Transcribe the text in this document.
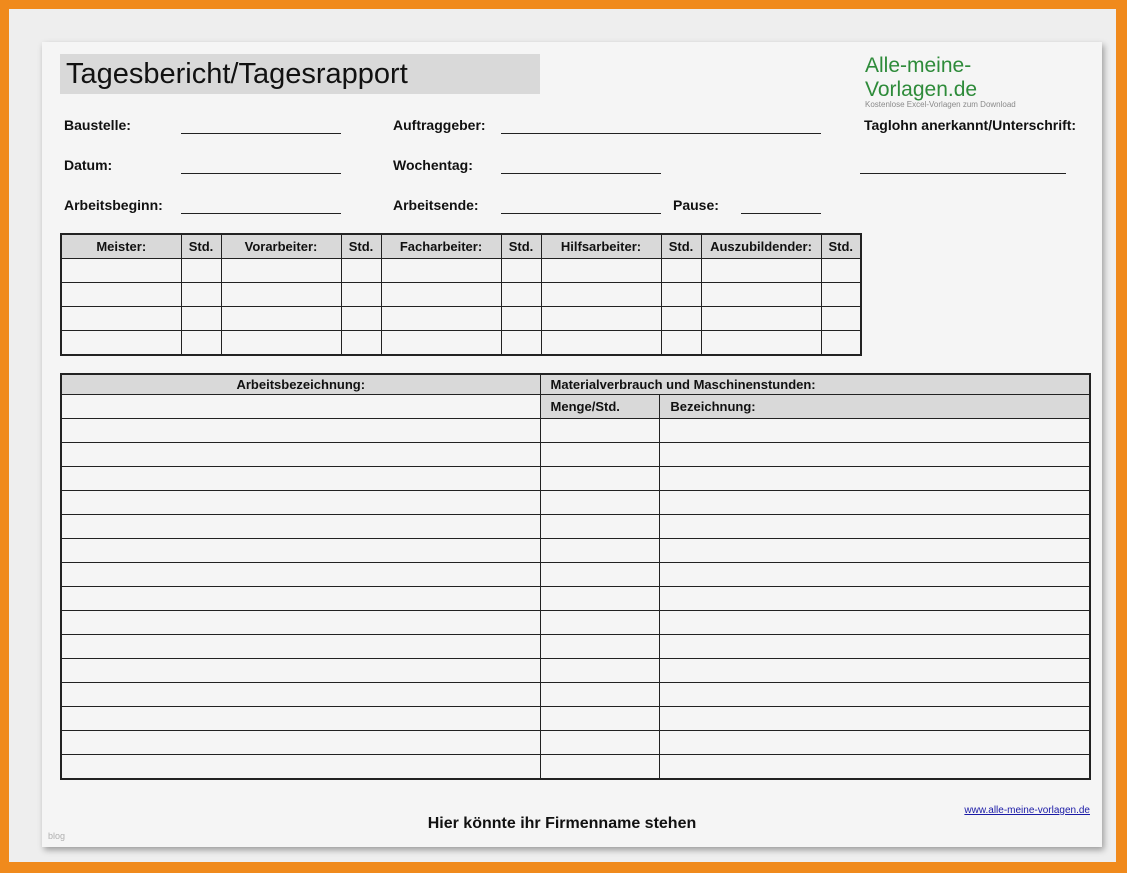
Tagesbericht/Tagesrapport	Alle-meine-Vorlagen.de
Kostenlose Excel-Vorlagen zum Download
Baustelle:	Auftraggeber:	Taglohn anerkannt/Unterschrift:
Datum:	Wochentag:
Arbeitsbeginn:	Arbeitsende:	Pause:
Meister:	Std.	Vorarbeiter:	Std.	Facharbeiter:	Std.	Hilfsarbeiter:	Std.	Auszubildender:	Std.

Arbeitsbezeichnung:	Materialverbrauch und Maschinenstunden:	
	Menge/Std.	Bezeichnung:

www.alle-meine-vorlagen.de
Hier könnte ihr Firmenname stehen
blog
